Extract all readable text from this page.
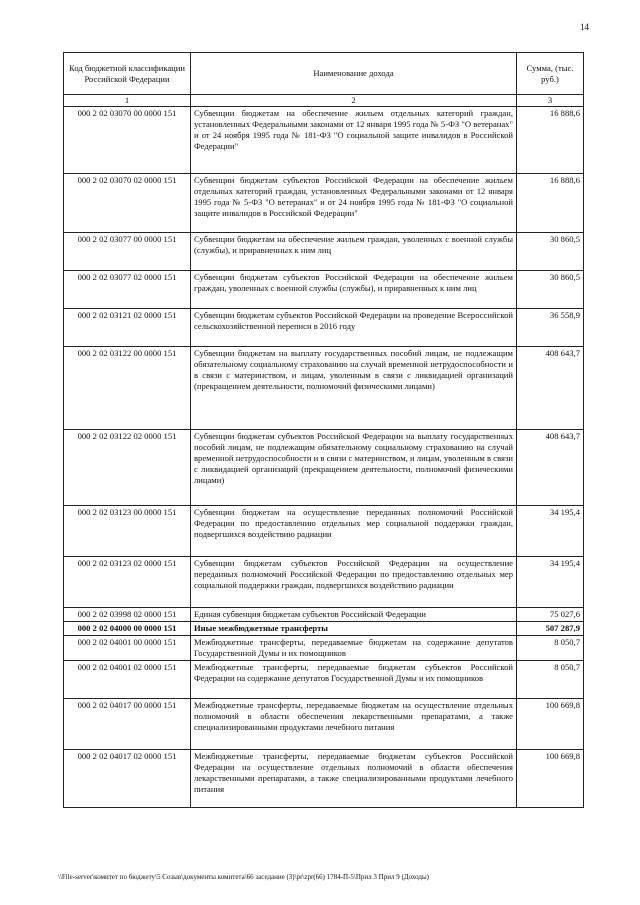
14
Код бюджетной классификации Российской Федерации	Наименование дохода	Сумма, (тыс. руб.)
1	2	3
000 2 02 03070 00 0000 151	Субвенции бюджетам на обеспечение жильем отдельных категорий граждан, установленных Федеральными законами от 12 января 1995 года № 5-ФЗ "О ветеранах" и от 24 ноября 1995 года № 181-ФЗ "О социальной защите инвалидов в Российской Федерации"	16 888,6
000 2 02 03070 02 0000 151	Субвенции бюджетам субъектов Российской Федерации на обеспечение жильем отдельных категорий граждан, установленных Федеральными законами от 12 января 1995 года № 5-ФЗ "О ветеранах" и от 24 ноября 1995 года № 181-ФЗ "О социальной защите инвалидов в Российской Федерации"	16 888,6
000 2 02 03077 00 0000 151	Субвенции бюджетам на обеспечение жильем граждан, уволенных с военной службы (службы), и приравненных к ним лиц	30 860,5
000 2 02 03077 02 0000 151	Субвенции бюджетам субъектов Российской Федерации на обеспечение жильем граждан, уволенных с военной службы (службы), и приравненных к ним лиц	30 860,5
000 2 02 03121 02 0000 151	Субвенции бюджетам субъектов Российской Федерации на проведение Всероссийской сельскохозяйственной переписи в 2016 году	36 558,9
000 2 02 03122 00 0000 151	Субвенции бюджетам на выплату государственных пособий лицам, не подлежащим обязательному социальному страхованию на случай временной нетрудоспособности и в связи с материнством, и лицам, уволенным в связи с ликвидацией организаций (прекращением деятельности, полномочий физическими лицами)	408 643,7
000 2 02 03122 02 0000 151	Субвенции бюджетам субъектов Российской Федерации на выплату государственных пособий лицам, не подлежащим обязательному социальному страхованию на случай временной нетрудоспособности и в связи с материнством, и лицам, уволенным в связи с ликвидацией организаций (прекращением деятельности, полномочий физическими лицами)	408 643,7
000 2 02 03123 00 0000 151	Субвенции бюджетам на осуществление переданных полномочий Российской Федерации по предоставлению отдельных мер социальной поддержки граждан, подвергшихся воздействию радиации	34 195,4
000 2 02 03123 02 0000 151	Субвенции бюджетам субъектов Российской Федерации на осуществление переданных полномочий Российской Федерации по предоставлению отдельных мер социальной поддержки граждан, подвергшихся воздействию радиации	34 195,4
000 2 02 03998 02 0000 151	Единая субвенция бюджетам субъектов Российской Федерации	75 027,6
000 2 02 04000 00 0000 151	Иные межбюджетные трансферты	507 287,9
000 2 02 04001 00 0000 151	Межбюджетные трансферты, передаваемые бюджетам на содержание депутатов Государственной Думы и их помощников	8 050,7
000 2 02 04001 02 0000 151	Межбюджетные трансферты, передаваемые бюджетам субъектов Российской Федерации на содержание депутатов Государственной Думы и их помощников	8 050,7
000 2 02 04017 00 0000 151	Межбюджетные трансферты, передаваемые бюджетам на осуществление отдельных полномочий в области обеспечения лекарственными препаратами, а также специализированными продуктами лечебного питания	100 669,8
000 2 02 04017 02 0000 151	Межбюджетные трансферты, передаваемые бюджетам субъектов Российской Федерации на осуществление отдельных полномочий в области обеспечения лекарственными препаратами, а также специализированными продуктами лечебного питания	100 669,8
\\File-server\комитет по бюджету\5 Созыв\документы комитета\66 заседание (3)\pr\zpr(66) 1784-П-5\Прил 3 Прил 9 (Доходы)
